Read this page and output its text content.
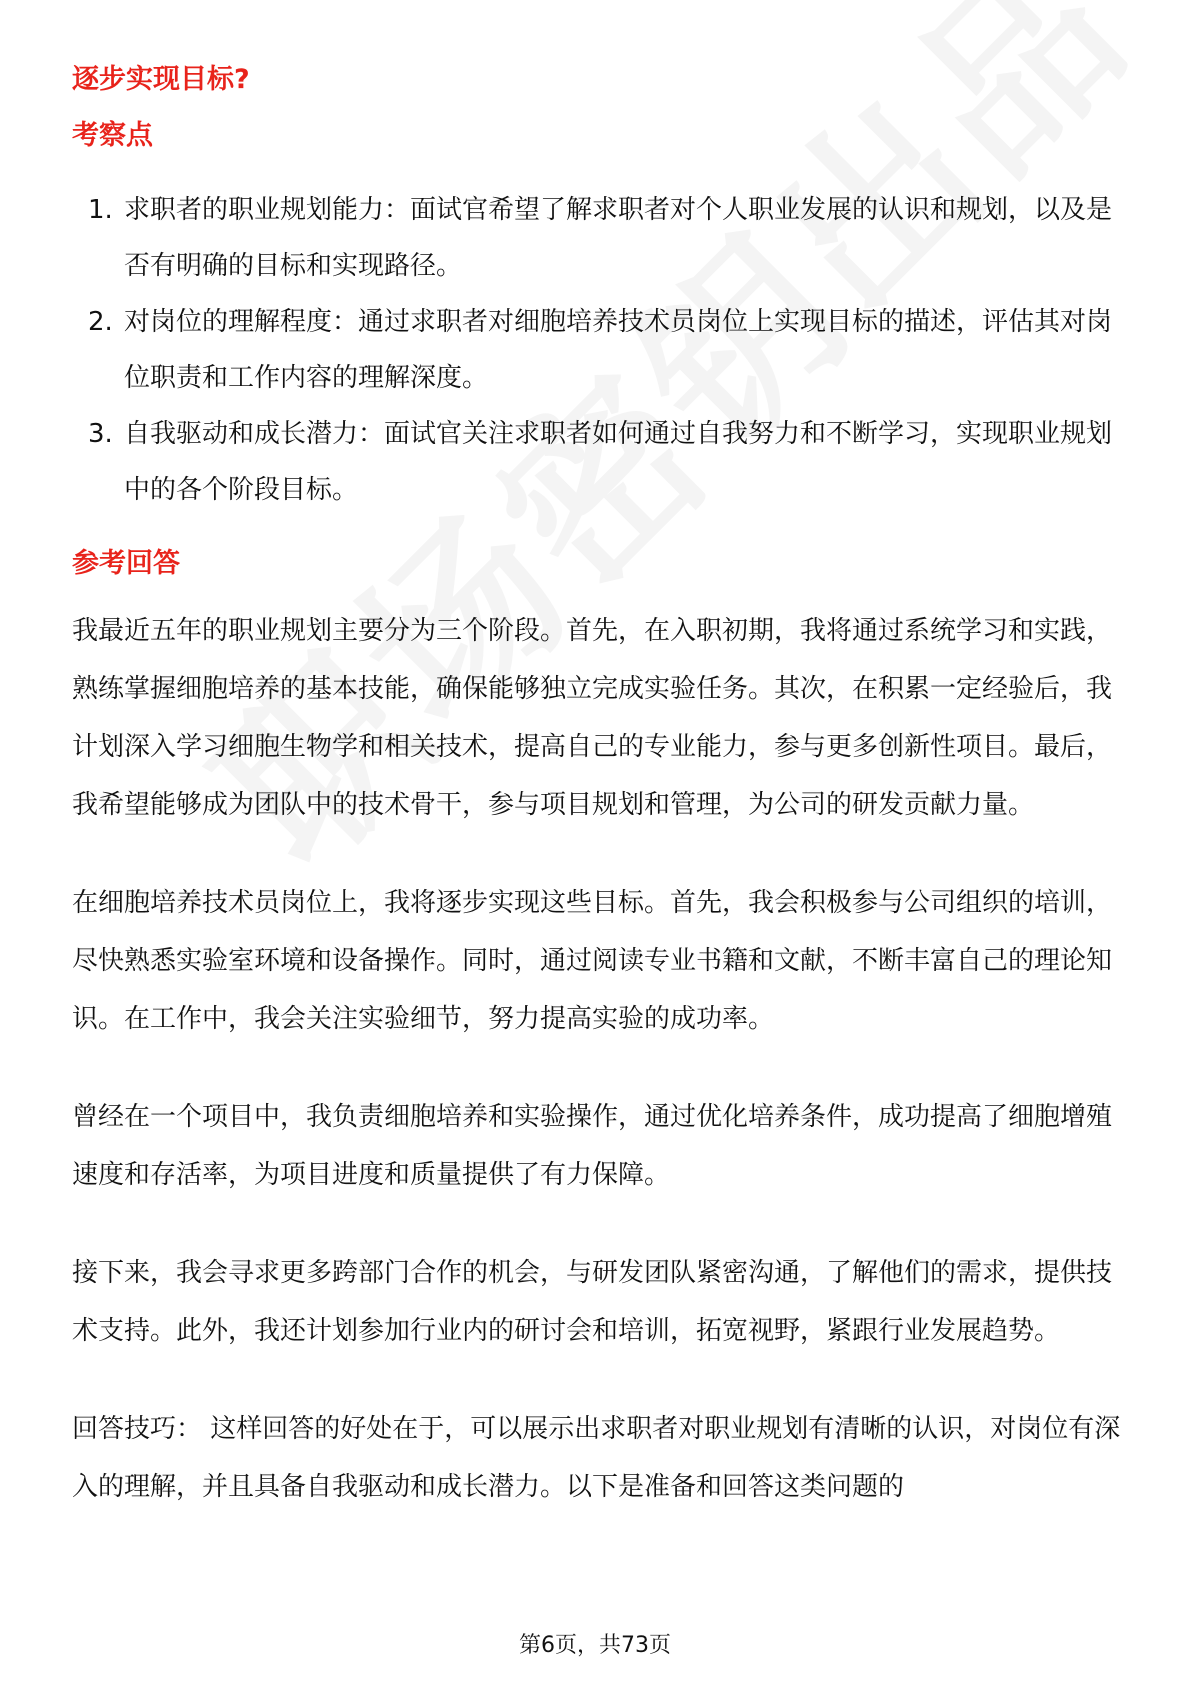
逐步实现目标?
考察点
1. 求职者的职业规划能力：面试官希望了解求职者对个人职业发展的认识和规划，以及是否有明确的目标和实现路径。
2. 对岗位的理解程度：通过求职者对细胞培养技术员岗位上实现目标的描述，评估其对岗位职责和工作内容的理解深度。
3. 自我驱动和成长潜力：面试官关注求职者如何通过自我努力和不断学习，实现职业规划中的各个阶段目标。
参考回答

我最近五年的职业规划主要分为三个阶段。首先，在入职初期，我将通过系统学习和实践，熟练掌握细胞培养的基本技能，确保能够独立完成实验任务。其次，在积累一定经验后，我计划深入学习细胞生物学和相关技术，提高自己的专业能力，参与更多创新性项目。最后，我希望能够成为团队中的技术骨干，参与项目规划和管理，为公司的研发贡献力量。

在细胞培养技术员岗位上，我将逐步实现这些目标。首先，我会积极参与公司组织的培训，尽快熟悉实验室环境和设备操作。同时，通过阅读专业书籍和文献，不断丰富自己的理论知识。在工作中，我会关注实验细节，努力提高实验的成功率。

曾经在一个项目中，我负责细胞培养和实验操作，通过优化培养条件，成功提高了细胞增殖速度和存活率，为项目进度和质量提供了有力保障。

接下来，我会寻求更多跨部门合作的机会，与研发团队紧密沟通，了解他们的需求，提供技术支持。此外，我还计划参加行业内的研讨会和培训，拓宽视野，紧跟行业发展趋势。

回答技巧： 这样回答的好处在于，可以展示出求职者对职业规划有清晰的认识，对岗位有深入的理解，并且具备自我驱动和成长潜力。以下是准备和回答这类问题的

第6页，共73页
